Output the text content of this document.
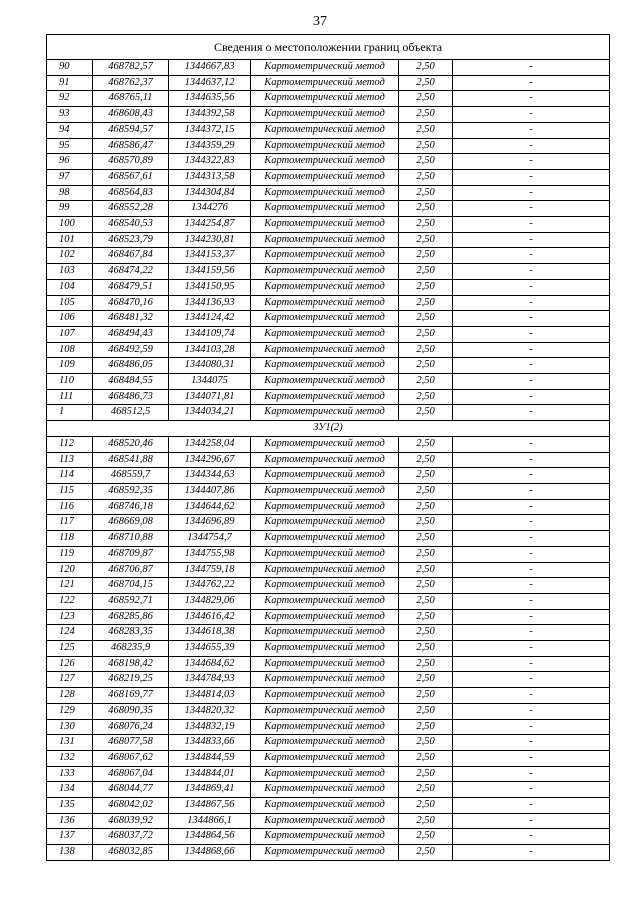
37
Сведения о местоположении границ объекта					
90	468782,57	1344667,83	Картометрический метод	2,50	-
91	468762,37	1344637,12	Картометрический метод	2,50	-
92	468765,11	1344635,56	Картометрический метод	2,50	-
93	468608,43	1344392,58	Картометрический метод	2,50	-
94	468594,57	1344372,15	Картометрический метод	2,50	-
95	468586,47	1344359,29	Картометрический метод	2,50	-
96	468570,89	1344322,83	Картометрический метод	2,50	-
97	468567,61	1344313,58	Картометрический метод	2,50	-
98	468564,83	1344304,84	Картометрический метод	2,50	-
99	468552,28	1344276	Картометрический метод	2,50	-
100	468540,53	1344254,87	Картометрический метод	2,50	-
101	468523,79	1344230,81	Картометрический метод	2,50	-
102	468467,84	1344153,37	Картометрический метод	2,50	-
103	468474,22	1344159,56	Картометрический метод	2,50	-
104	468479,51	1344150,95	Картометрический метод	2,50	-
105	468470,16	1344136,93	Картометрический метод	2,50	-
106	468481,32	1344124,42	Картометрический метод	2,50	-
107	468494,43	1344109,74	Картометрический метод	2,50	-
108	468492,59	1344103,28	Картометрический метод	2,50	-
109	468486,05	1344080,31	Картометрический метод	2,50	-
110	468484,55	1344075	Картометрический метод	2,50	-
111	468486,73	1344071,81	Картометрический метод	2,50	-
1	468512,5	1344034,21	Картометрический метод	2,50	-
ЗУ1(2)					
112	468520,46	1344258,04	Картометрический метод	2,50	-
113	468541,88	1344296,67	Картометрический метод	2,50	-
114	468559,7	1344344,63	Картометрический метод	2,50	-
115	468592,35	1344407,86	Картометрический метод	2,50	-
116	468746,18	1344644,62	Картометрический метод	2,50	-
117	468669,08	1344696,89	Картометрический метод	2,50	-
118	468710,88	1344754,7	Картометрический метод	2,50	-
119	468709,87	1344755,98	Картометрический метод	2,50	-
120	468706,87	1344759,18	Картометрический метод	2,50	-
121	468704,15	1344762,22	Картометрический метод	2,50	-
122	468592,71	1344829,06	Картометрический метод	2,50	-
123	468285,86	1344616,42	Картометрический метод	2,50	-
124	468283,35	1344618,38	Картометрический метод	2,50	-
125	468235,9	1344655,39	Картометрический метод	2,50	-
126	468198,42	1344684,62	Картометрический метод	2,50	-
127	468219,25	1344784,93	Картометрический метод	2,50	-
128	468169,77	1344814,03	Картометрический метод	2,50	-
129	468090,35	1344820,32	Картометрический метод	2,50	-
130	468076,24	1344832,19	Картометрический метод	2,50	-
131	468077,58	1344833,66	Картометрический метод	2,50	-
132	468067,62	1344844,59	Картометрический метод	2,50	-
133	468067,04	1344844,01	Картометрический метод	2,50	-
134	468044,77	1344869,41	Картометрический метод	2,50	-
135	468042,02	1344867,56	Картометрический метод	2,50	-
136	468039,92	1344866,1	Картометрический метод	2,50	-
137	468037,72	1344864,56	Картометрический метод	2,50	-
138	468032,85	1344868,66	Картометрический метод	2,50	-
